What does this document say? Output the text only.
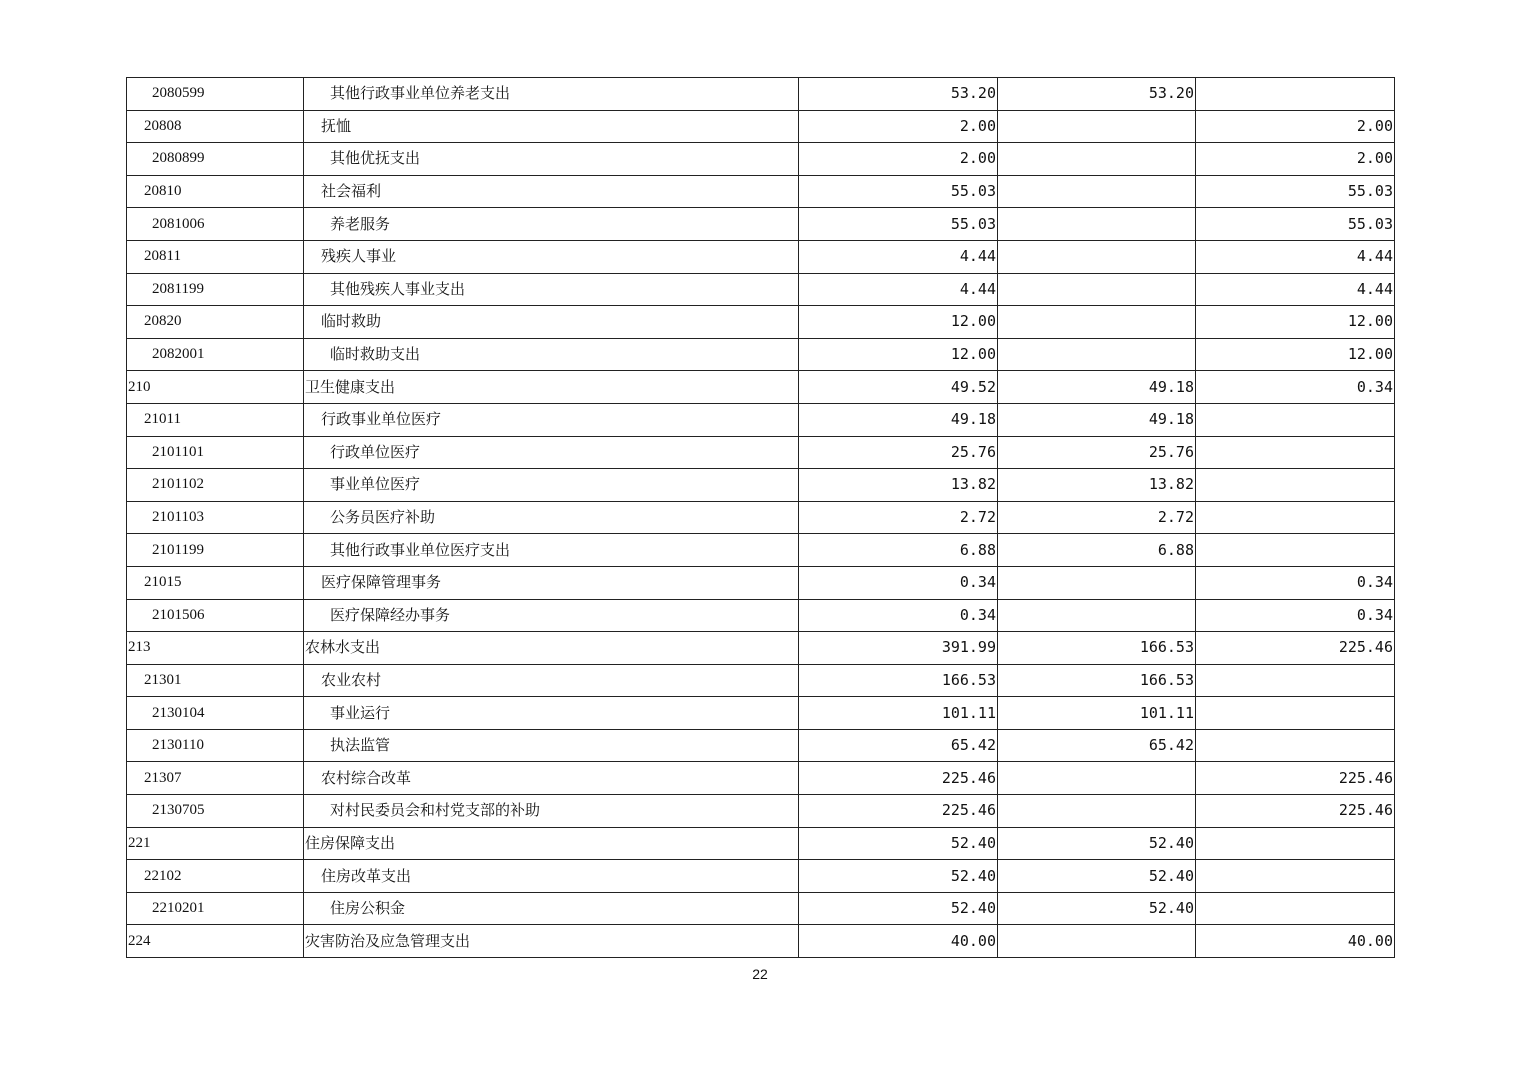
2080599	其他行政事业单位养老支出	53.20	53.20	
20808	抚恤	2.00		2.00
2080899	其他优抚支出	2.00		2.00
20810	社会福利	55.03		55.03
2081006	养老服务	55.03		55.03
20811	残疾人事业	4.44		4.44
2081199	其他残疾人事业支出	4.44		4.44
20820	临时救助	12.00		12.00
2082001	临时救助支出	12.00		12.00
210	卫生健康支出	49.52	49.18	0.34
21011	行政事业单位医疗	49.18	49.18	
2101101	行政单位医疗	25.76	25.76	
2101102	事业单位医疗	13.82	13.82	
2101103	公务员医疗补助	2.72	2.72	
2101199	其他行政事业单位医疗支出	6.88	6.88	
21015	医疗保障管理事务	0.34		0.34
2101506	医疗保障经办事务	0.34		0.34
213	农林水支出	391.99	166.53	225.46
21301	农业农村	166.53	166.53	
2130104	事业运行	101.11	101.11	
2130110	执法监管	65.42	65.42	
21307	农村综合改革	225.46		225.46
2130705	对村民委员会和村党支部的补助	225.46		225.46
221	住房保障支出	52.40	52.40	
22102	住房改革支出	52.40	52.40	
2210201	住房公积金	52.40	52.40	
224	灾害防治及应急管理支出	40.00		40.00
22
